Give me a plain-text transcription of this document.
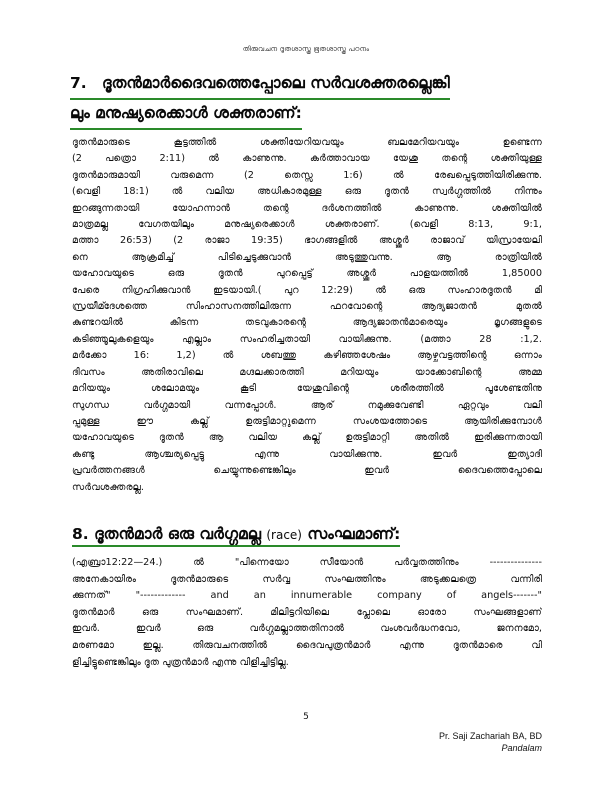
തിരുവചന ദൂതശാസ്ത്ര ഭൂതശാസ്ത്ര പഠനം
7. ദൂതൻമാർദൈവത്തെപ്പോലെ സർവശക്തരല്ലെങ്കി
ലും മനുഷ്യരെക്കാൾ ശക്തരാണ്:
ദൂതൻമാരുടെ കൂട്ടത്തിൽ ശക്തിയേറിയവയും ബലമേറിയവയും ഉണ്ടെന്ന
(2 പത്രൊ 2:11) ൽ കാണുന്നു. കർത്താവായ യേശു തന്റെ ശക്തിയുള്ള
ദൂതൻമാരുമായി വരുമെന്ന (2 തെസ്സ 1:6) ൽ രേഖപ്പെടുത്തിയിരിക്കുന്നു.
(വെളി 18:1) ൽ വലിയ അധികാരമുള്ള ഒരു ദൂതൻ സ്വർഗ്ഗത്തിൽ നിന്നും
ഇറങ്ങുന്നതായി യോഹന്നാൻ തന്റെ ദർശനത്തിൽ കാണുന്നു. ശക്തിയിൽ
മാത്രമല്ല വേഗതയിലും മനുഷ്യരെക്കാൾ ശക്തരാണ്. (വെളി 8:13, 9:1,
മത്താ 26:53) (2 രാജാ 19:35) ഭാഗങ്ങളിൽ അശ്ശൂർ രാജാവ് യിസ്രായേലി
നെ ആക്രമിച്ച് പിടിച്ചെടുക്കുവാൻ അടുത്തുവന്നു. ആ രാത്രിയിൽ
യഹോവയുടെ ഒരു ദൂതൻ പുറപ്പെട്ട് അശ്ശൂർ പാളയത്തിൽ 1,85000
പേരെ നിഗ്രഹിക്കുവാൻ ഇടയായി.( പുറ 12:29) ൽ ഒരു സംഹാരദൂതൻ മി
സ്രയീമ്ദേശത്തെ സിംഹാസനത്തിലിരുന്ന ഫറവോന്റെ ആദ്യജാതൻ മുതൽ
കുണ്ടറയിൽ കിടന്ന തടവുകാരന്റെ ആദ്യജാതൻമാരെയും മൃഗങ്ങളുടെ
കടിഞ്ഞൂലുകളെയും എല്ലാം സംഹരിച്ചതായി വായിക്കുന്നു. (മത്താ 28 :1,2.
മർക്കോ 16: 1,2) ൽ ശബത്തു കഴിഞ്ഞശേഷം ആഴ്ചവട്ടത്തിന്റെ ഒന്നാം
ദിവസം അതിരാവിലെ മഗ്ദലക്കാരത്തി മറിയയും യാക്കോബിന്റെ അമ്മ
മറിയയും ശലോമയും കൂടി യേശുവിന്റെ ശരീരത്തിൽ പൂശേണ്ടതിനു
സുഗന്ധ വർഗ്ഗമായി വന്നപ്പോൾ. ആര് നമുക്കുവേണ്ടി ഏറ്റവും വലി
പ്പമുള്ള ഈ കല്ല് ഉരുട്ടിമാറ്റുമെന്ന സംശയത്തോടെ ആയിരിക്കുമ്പോൾ
യഹോവയുടെ ദൂതൻ ആ വലിയ കല്ല് ഉരുട്ടിമാറ്റി അതിൽ ഇരിക്കുന്നതായി
കണ്ടു ആശ്ചര്യപ്പെട്ടു എന്നു വായിക്കുന്നു. ഇവർ ഇത്യാദി
പ്രവർത്തനങ്ങൾ ചെയ്യുന്നുണ്ടെങ്കിലും ഇവർ ദൈവത്തെപ്പോലെ
സർവശക്തരല്ല.
8. ദൂതൻമാർ ഒരു വർഗ്ഗമല്ല (race) സംഘമാണ്:
(എബ്രാ12:22—24.) ൽ "പിന്നെയോ സീയോൻ പർവ്വതത്തിനും ---------------
അനേകായിരം ദൂതൻമാരുടെ സർവ്വ സംഘത്തിനും അടുക്കലത്രെ വന്നിരി
ക്കുന്നത്" "------------- and an innumerable company of angels-------"
ദൂതൻമാർ ഒരു സംഘമാണ്. മിലിട്ടറിയിലെ പ്ലോലെ ഓരോ സംഘങ്ങളാണ്
ഇവർ. ഇവർ ഒരു വർഗ്ഗമല്ലാത്തതിനാൽ വംശവർദ്ധനവോ, ജനനമോ,
മരണമോ ഇല്ല. തിരുവചനത്തിൽ ദൈവപുത്രൻമാർ എന്നു ദൂതൻമാരെ വി
ളിച്ചിട്ടുണ്ടെങ്കിലും ദൂത പുത്രൻമാർ എന്നു വിളിച്ചിട്ടില്ല.
5
Pr. Saji Zachariah BA, BD
Pandalam
